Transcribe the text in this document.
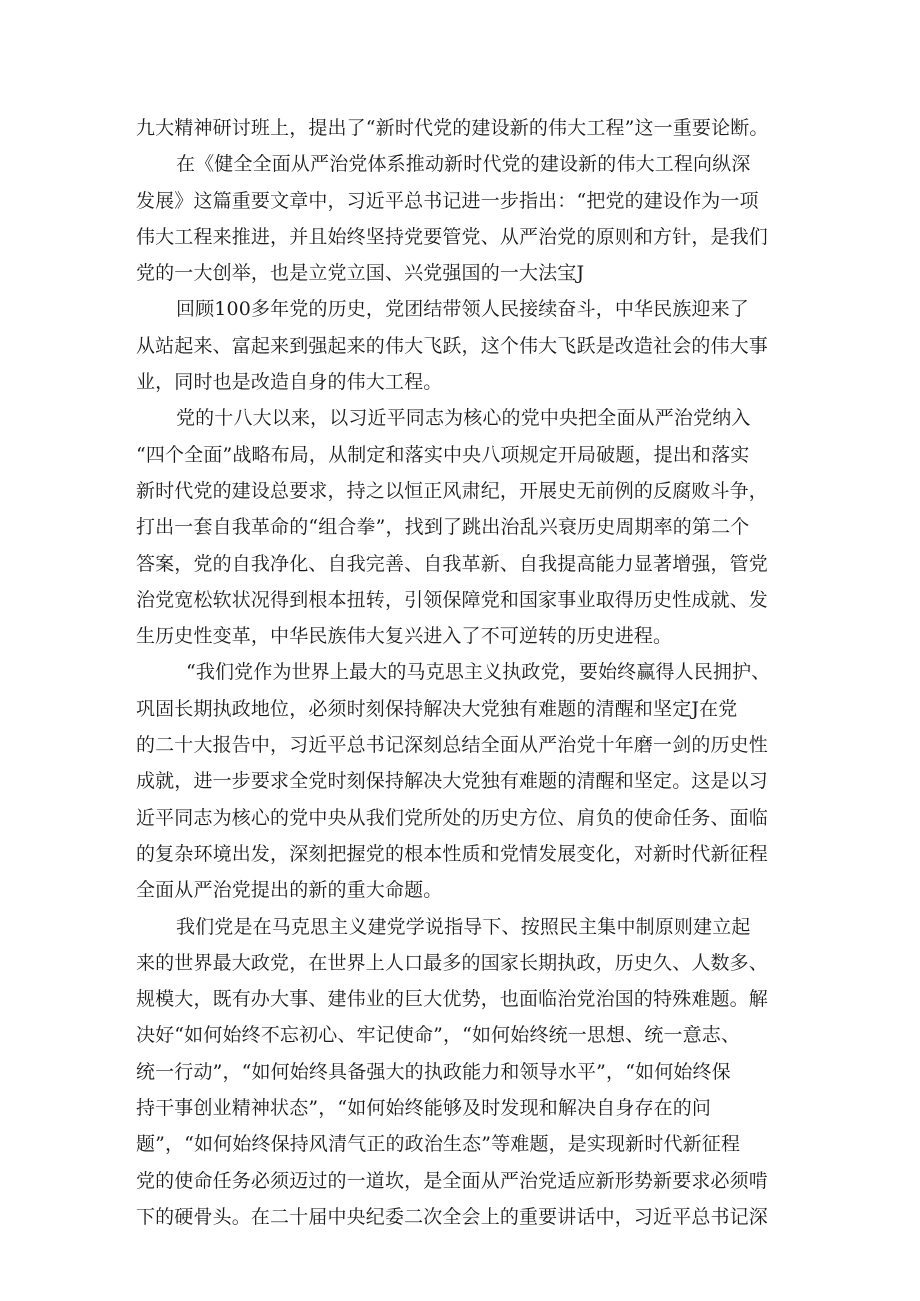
九大精神研讨班上，提出了“新时代党的建设新的伟大工程”这一重要论断。
在《健全全面从严治党体系推动新时代党的建设新的伟大工程向纵深
发展》这篇重要文章中，习近平总书记进一步指出：“把党的建设作为一项
伟大工程来推进，并且始终坚持党要管党、从严治党的原则和方针，是我们
党的一大创举，也是立党立国、兴党强国的一大法宝J
回顾100多年党的历史，党团结带领人民接续奋斗，中华民族迎来了
从站起来、富起来到强起来的伟大飞跃，这个伟大飞跃是改造社会的伟大事
业，同时也是改造自身的伟大工程。
党的十八大以来，以习近平同志为核心的党中央把全面从严治党纳入
“四个全面”战略布局，从制定和落实中央八项规定开局破题，提出和落实
新时代党的建设总要求，持之以恒正风肃纪，开展史无前例的反腐败斗争，
打出一套自我革命的“组合拳”，找到了跳出治乱兴衰历史周期率的第二个
答案，党的自我净化、自我完善、自我革新、自我提高能力显著增强，管党
治党宽松软状况得到根本扭转，引领保障党和国家事业取得历史性成就、发
生历史性变革，中华民族伟大复兴进入了不可逆转的历史进程。
“我们党作为世界上最大的马克思主义执政党，要始终赢得人民拥护、
巩固长期执政地位，必须时刻保持解决大党独有难题的清醒和坚定J在党
的二十大报告中，习近平总书记深刻总结全面从严治党十年磨一剑的历史性
成就，进一步要求全党时刻保持解决大党独有难题的清醒和坚定。这是以习
近平同志为核心的党中央从我们党所处的历史方位、肩负的使命任务、面临
的复杂环境出发，深刻把握党的根本性质和党情发展变化，对新时代新征程
全面从严治党提出的新的重大命题。
我们党是在马克思主义建党学说指导下、按照民主集中制原则建立起
来的世界最大政党，在世界上人口最多的国家长期执政，历史久、人数多、
规模大，既有办大事、建伟业的巨大优势，也面临治党治国的特殊难题。解
决好“如何始终不忘初心、牢记使命”，“如何始终统一思想、统一意志、
统一行动”，“如何始终具备强大的执政能力和领导水平”，“如何始终保
持干事创业精神状态”，“如何始终能够及时发现和解决自身存在的问
题”，“如何始终保持风清气正的政治生态”等难题，是实现新时代新征程
党的使命任务必须迈过的一道坎，是全面从严治党适应新形势新要求必须啃
下的硬骨头。在二十届中央纪委二次全会上的重要讲话中，习近平总书记深
